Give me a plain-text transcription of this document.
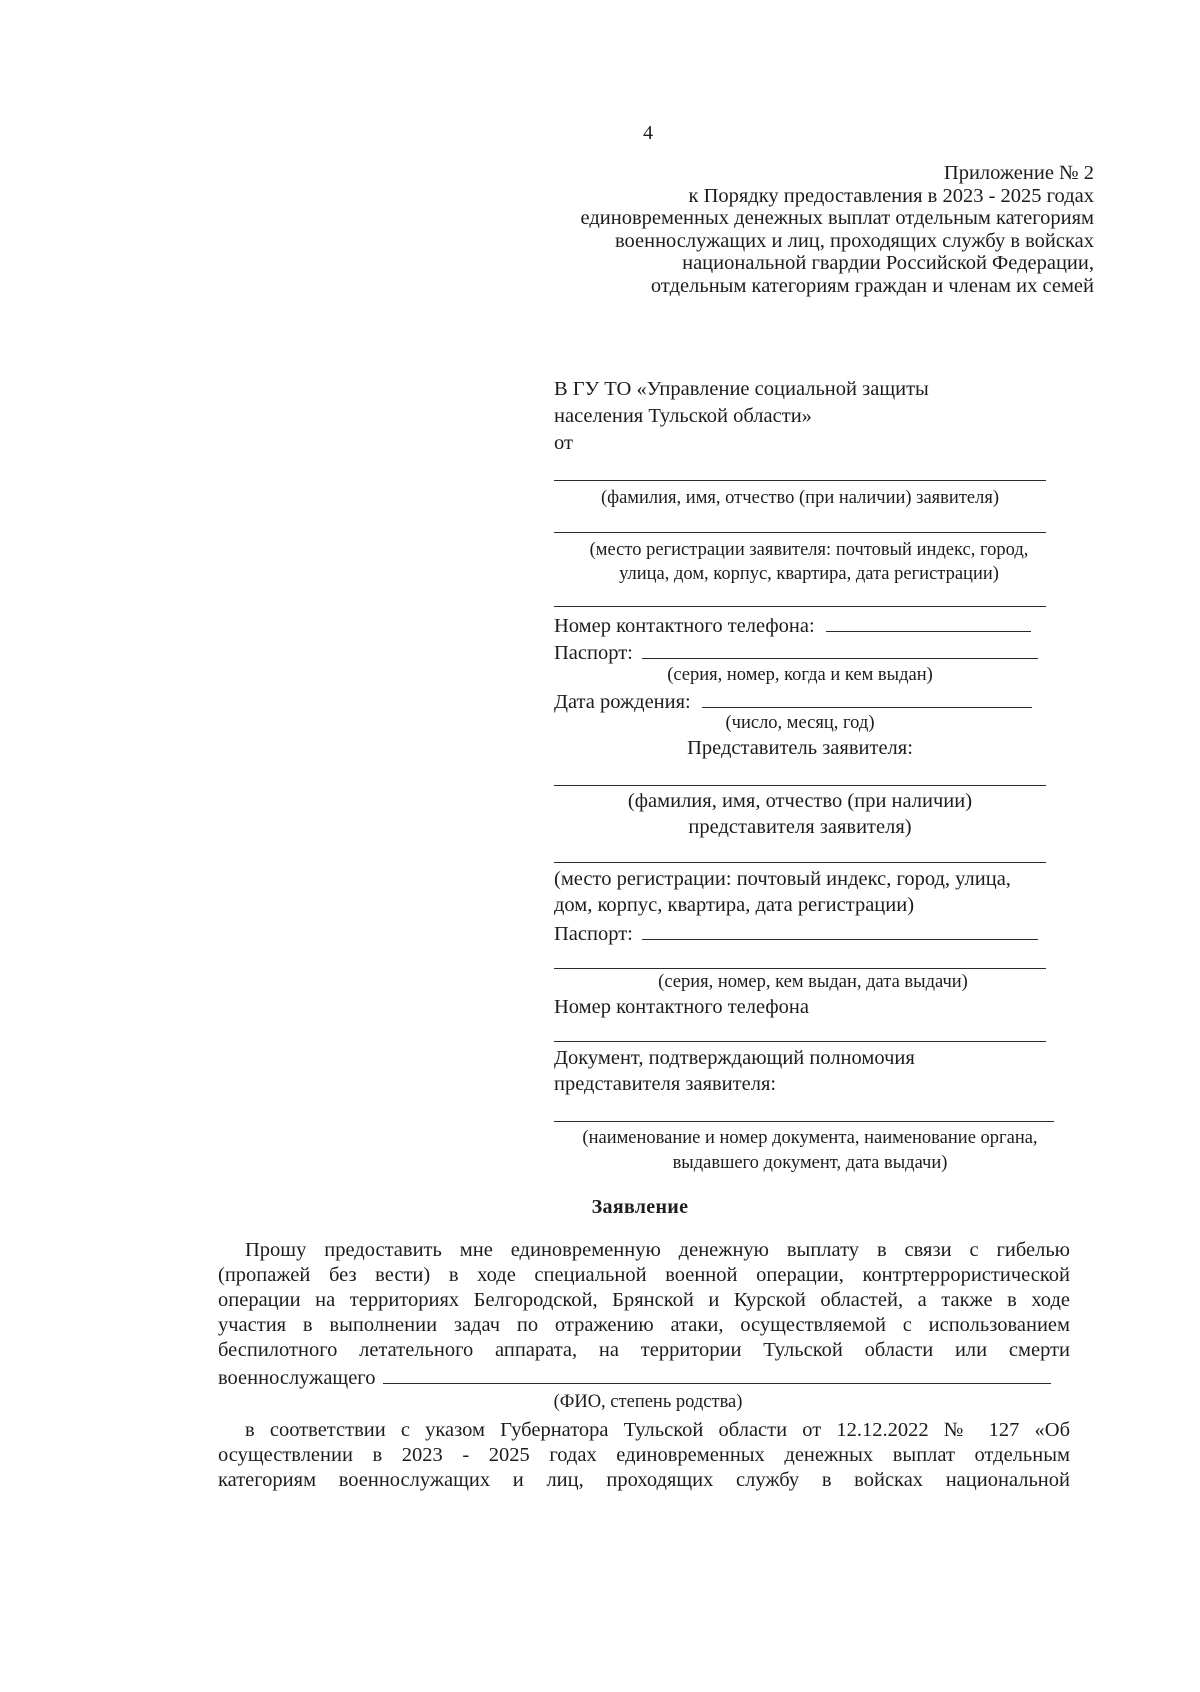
4
Приложение № 2
к Порядку предоставления в 2023 - 2025 годах
единовременных денежных выплат отдельным категориям
военнослужащих и лиц, проходящих службу в войсках
национальной гвардии Российской Федерации,
отдельным категориям граждан и членам их семей
В ГУ ТО «Управление социальной защиты
населения Тульской области»
от
(фамилия, имя, отчество (при наличии) заявителя)
(место регистрации заявителя: почтовый индекс, город,
улица, дом, корпус, квартира, дата регистрации)
Номер контактного телефона:
Паспорт:
(серия, номер, когда и кем выдан)
Дата рождения:
(число, месяц, год)
Представитель заявителя:
(фамилия, имя, отчество (при наличии)
представителя заявителя)
(место регистрации: почтовый индекс, город, улица,
дом, корпус, квартира, дата регистрации)
Паспорт:
(серия, номер, кем выдан, дата выдачи)
Номер контактного телефона
Документ, подтверждающий полномочия
представителя заявителя:
(наименование и номер документа, наименование органа,
выдавшего документ, дата выдачи)
Заявление
Прошу предоставить мне единовременную денежную выплату в связи с гибелью
(пропажей без вести) в ходе специальной военной операции, контртеррористической
операции на территориях Белгородской, Брянской и Курской областей, а также в ходе
участия в выполнении задач по отражению атаки, осуществляемой с использованием
беспилотного летательного аппарата, на территории Тульской области или смерти
военнослужащего
(ФИО, степень родства)
в соответствии с указом Губернатора Тульской области от 12.12.2022 № 127 «Об
осуществлении в 2023 - 2025 годах единовременных денежных выплат отдельным
категориям военнослужащих и лиц, проходящих службу в войсках национальной
